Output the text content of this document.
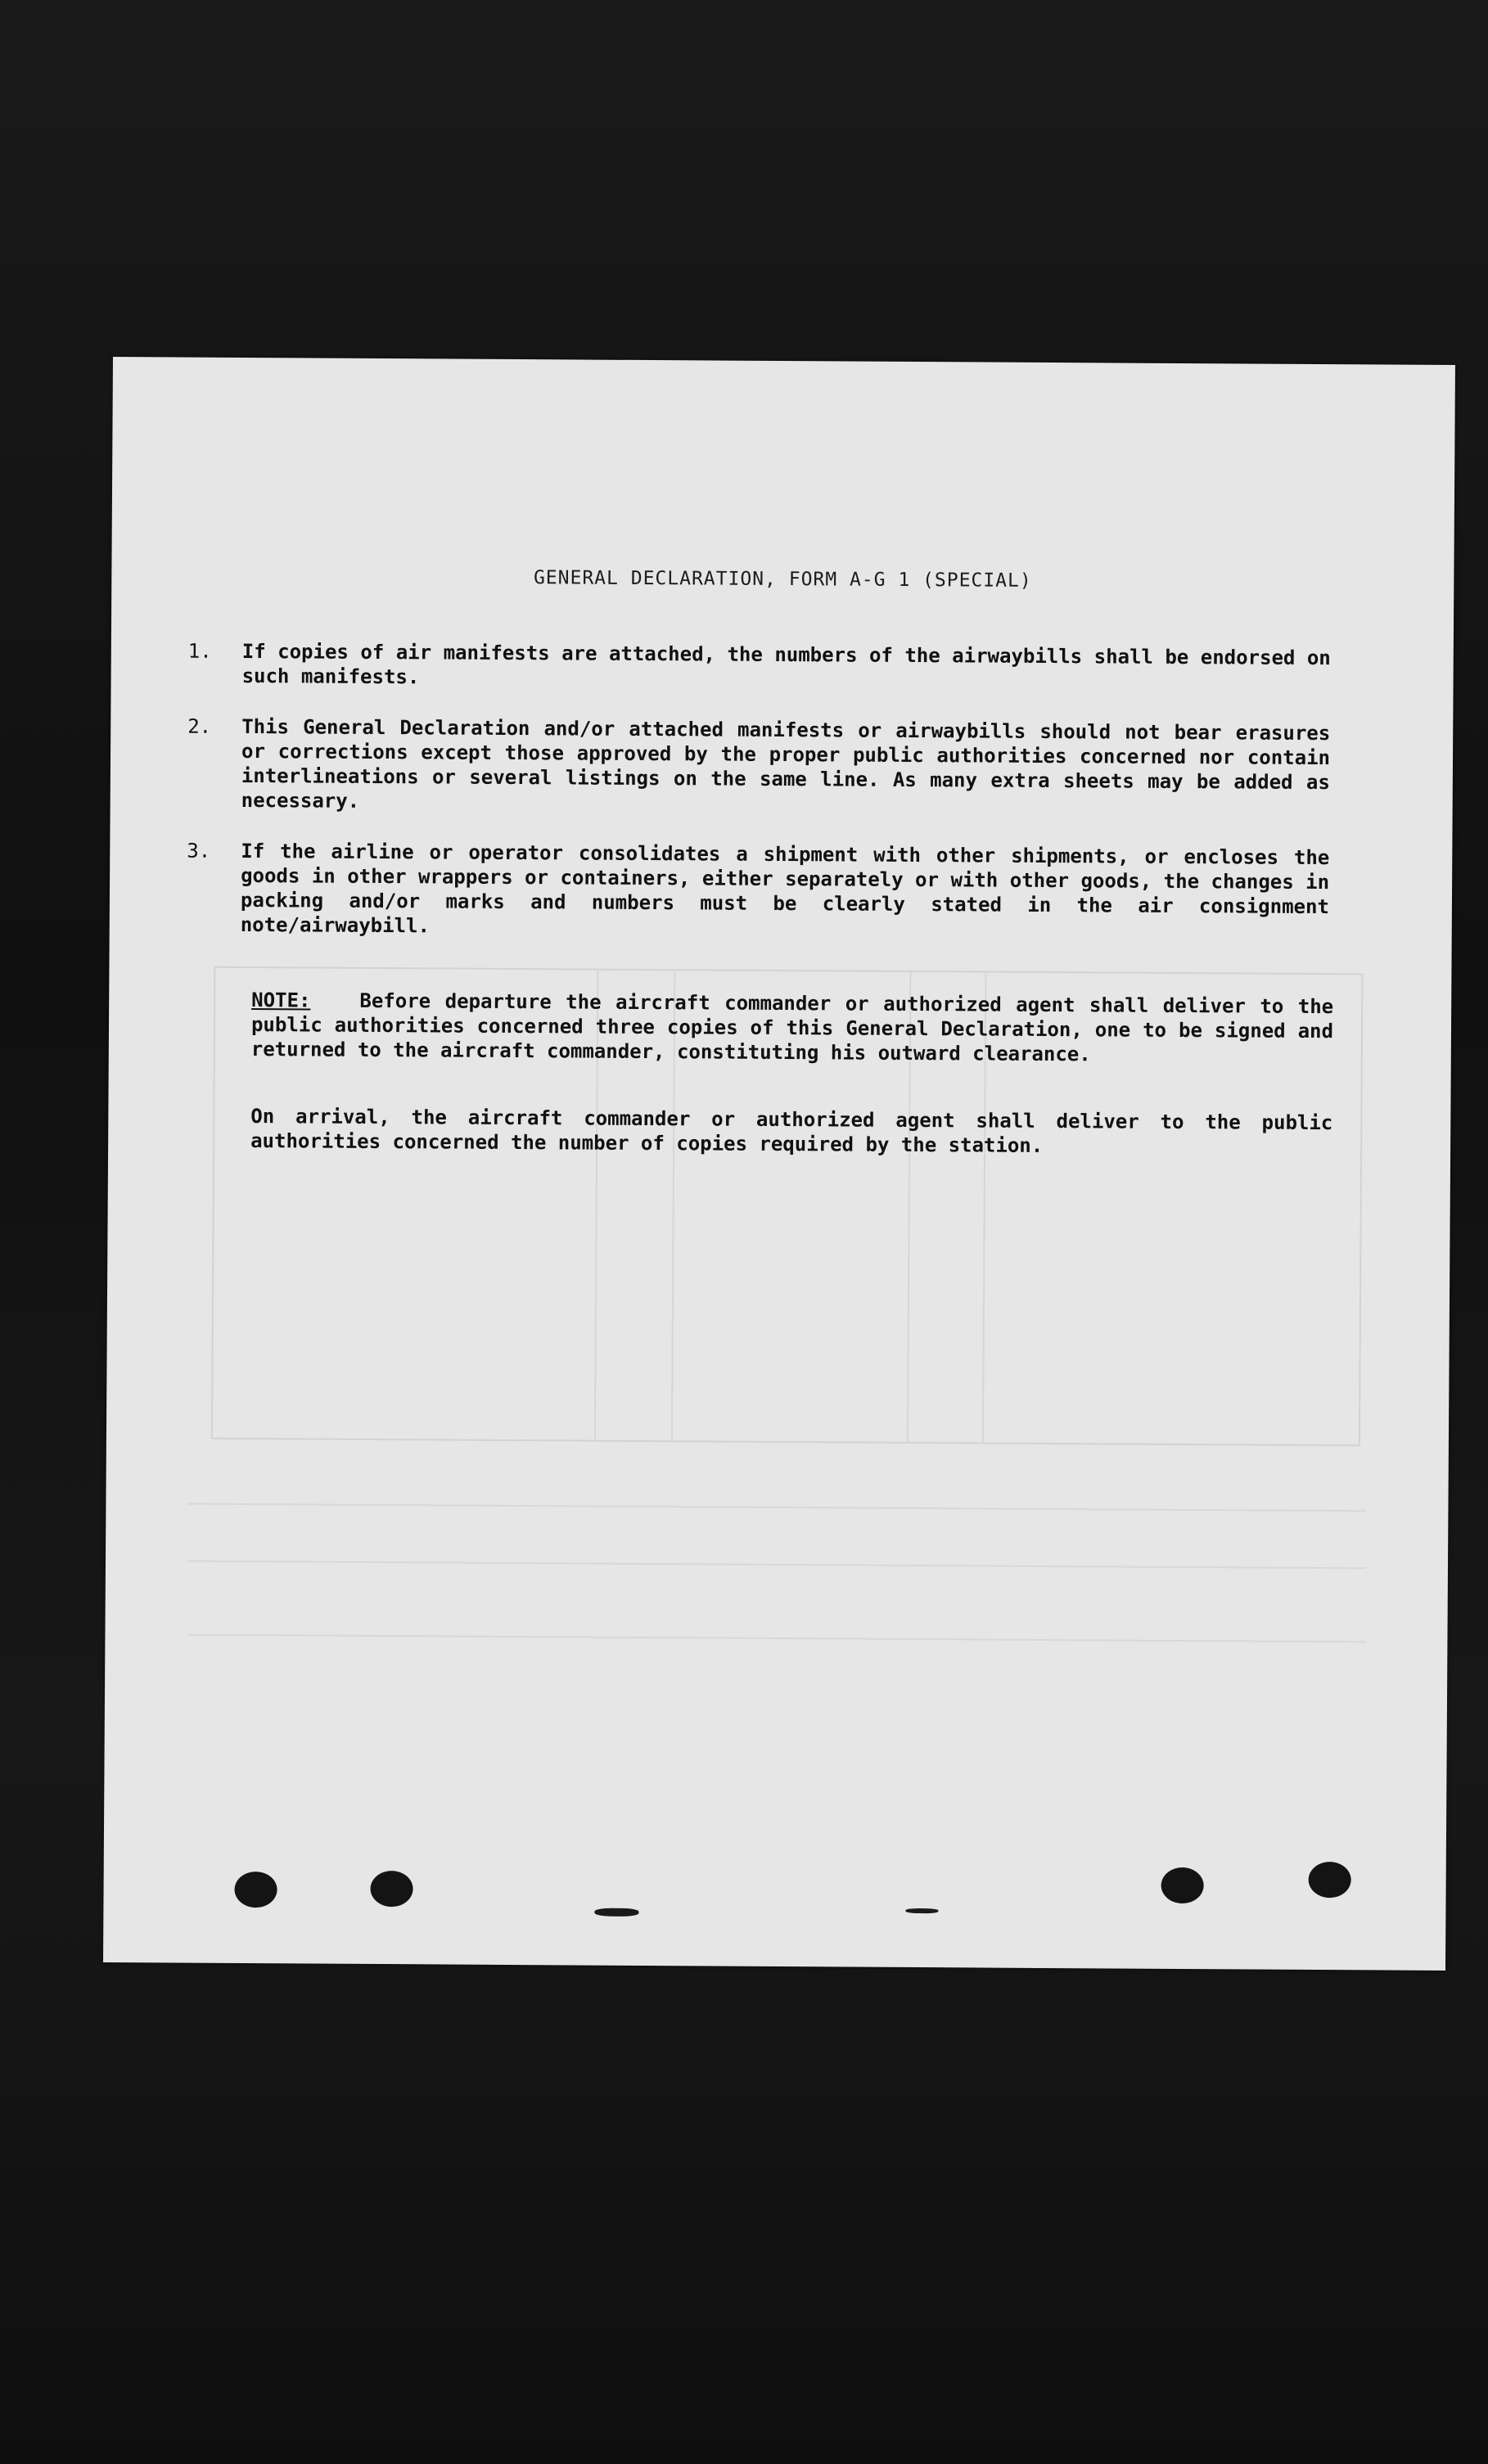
GENERAL DECLARATION, FORM A-G 1 (SPECIAL)
1. If copies of air manifests are attached, the numbers of the airwaybills shall be endorsed on such manifests.

2. This General Declaration and/or attached manifests or airwaybills should not bear erasures or corrections except those approved by the proper public authorities concerned nor contain interlineations or several listings on the same line. As many extra sheets may be added as necessary.

3. If the airline or operator consolidates a shipment with other shipments, or encloses the goods in other wrappers or containers, either separately or with other goods, the changes in packing and/or marks and numbers must be clearly stated in the air consignment note/airwaybill.

NOTE: Before departure the aircraft commander or authorized agent shall deliver to the public authorities concerned three copies of this General Declaration, one to be signed and returned to the aircraft commander, constituting his outward clearance.

On arrival, the aircraft commander or authorized agent shall deliver to the public authorities concerned the number of copies required by the station.
